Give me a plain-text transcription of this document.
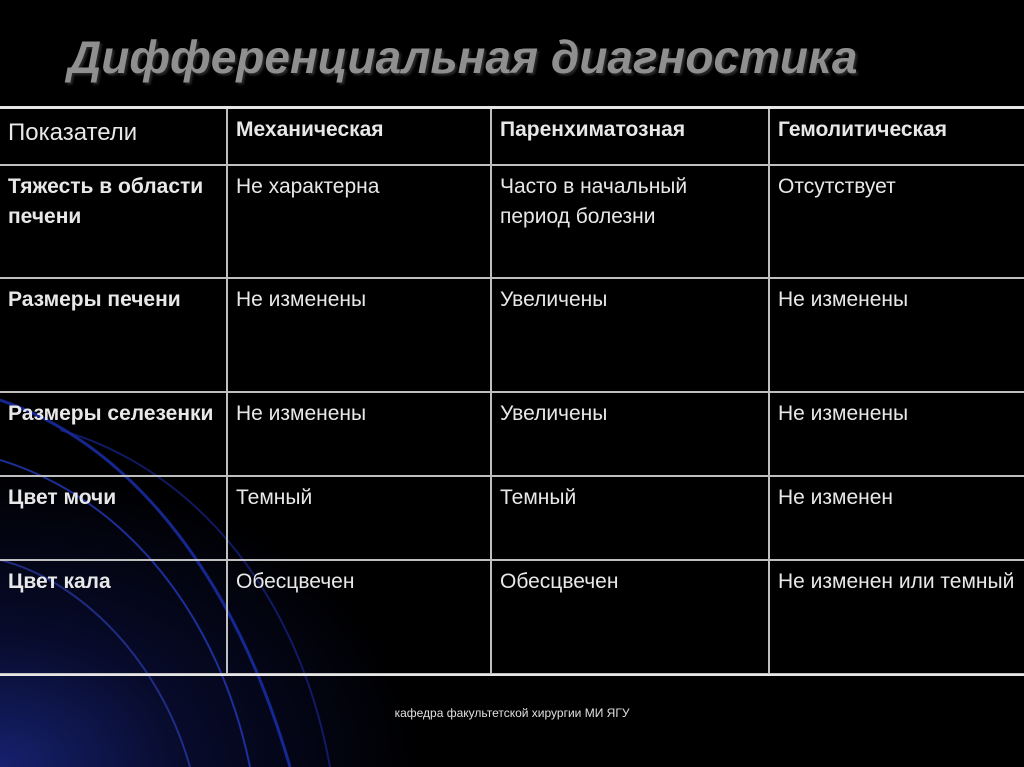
Дифференциальная диагностика
Показатели	Механическая	Паренхиматозная	Гемолитическая
Тяжесть в области печени	Не характерна	Часто в начальный период болезни	Отсутствует
Размеры печени	Не изменены	Увеличены	Не изменены
Размеры селезенки	Не изменены	Увеличены	Не изменены
Цвет мочи	Темный	Темный	Не изменен
Цвет кала	Обесцвечен	Обесцвечен	Не изменен или темный
кафедра факультетской хирургии МИ ЯГУ
